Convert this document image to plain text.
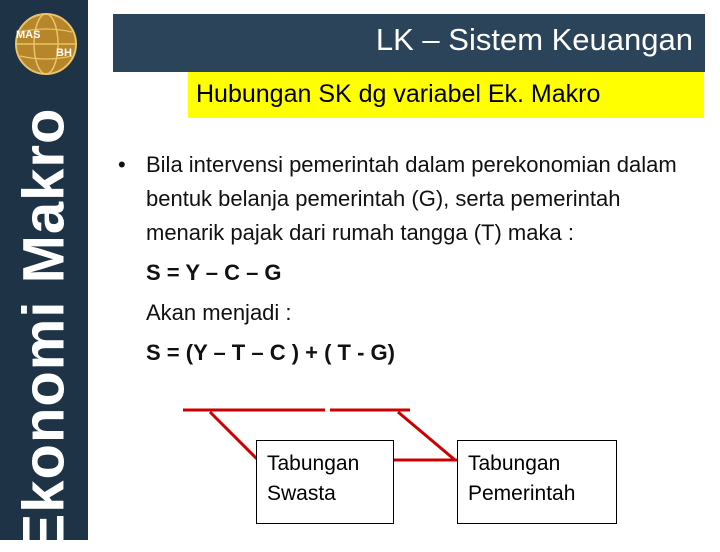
MAS
BH
Ekonomi Makro
LK – Sistem Keuangan
Hubungan SK dg variabel Ek. Makro
• Bila intervensi pemerintah dalam perekonomian dalam bentuk belanja pemerintah (G), serta pemerintah menarik pajak dari rumah tangga (T) maka :
S = Y – C – G
Akan menjadi :
S = (Y – T – C ) + ( T - G)
Tabungan
Swasta
Tabungan
Pemerintah
